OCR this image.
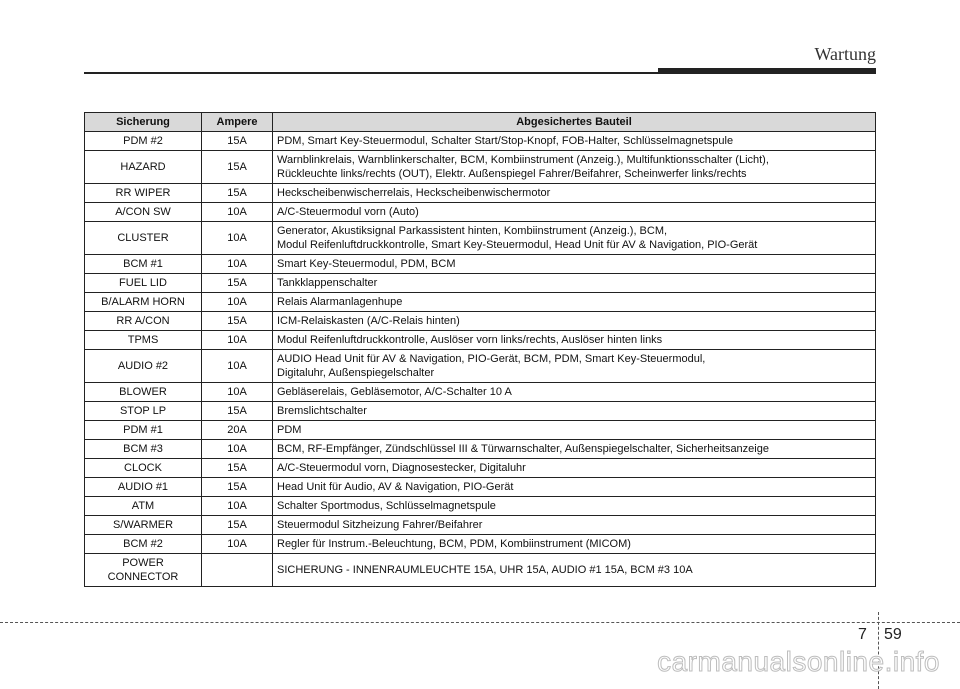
Wartung
Sicherung	Ampere	Abgesichertes Bauteil
PDM #2	15A	PDM, Smart Key-Steuermodul, Schalter Start/Stop-Knopf, FOB-Halter, Schlüsselmagnetspule

HAZARD	15A	Warnblinkrelais, Warnblinkerschalter, BCM, Kombiinstrument (Anzeig.), Multifunktionsschalter (Licht),
Rückleuchte links/rechts (OUT), Elektr. Außenspiegel Fahrer/Beifahrer, Scheinwerfer links/rechts

RR WIPER	15A	Heckscheibenwischerrelais, Heckscheibenwischermotor

A/CON SW	10A	A/C-Steuermodul vorn (Auto)

CLUSTER	10A	Generator, Akustiksignal Parkassistent hinten, Kombiinstrument (Anzeig.), BCM,
Modul Reifenluftdruckkontrolle, Smart Key-Steuermodul, Head Unit für AV & Navigation, PIO-Gerät

BCM #1	10A	Smart Key-Steuermodul, PDM, BCM

FUEL LID	15A	Tankklappenschalter

B/ALARM HORN	10A	Relais Alarmanlagenhupe

RR A/CON	15A	ICM-Relaiskasten (A/C-Relais hinten)

TPMS	10A	Modul Reifenluftdruckkontrolle, Auslöser vorn links/rechts, Auslöser hinten links

AUDIO #2	10A	AUDIO Head Unit für AV & Navigation, PIO-Gerät, BCM, PDM, Smart Key-Steuermodul,
Digitaluhr, Außenspiegelschalter

BLOWER	10A	Gebläserelais, Gebläsemotor, A/C-Schalter 10 A

STOP LP	15A	Bremslichtschalter

PDM #1	20A	PDM

BCM #3	10A	BCM, RF-Empfänger, Zündschlüssel III & Türwarnschalter, Außenspiegelschalter, Sicherheitsanzeige

CLOCK	15A	A/C-Steuermodul vorn, Diagnosestecker, Digitaluhr

AUDIO #1	15A	Head Unit für Audio, AV & Navigation, PIO-Gerät

ATM	10A	Schalter Sportmodus, Schlüsselmagnetspule

S/WARMER	15A	Steuermodul Sitzheizung Fahrer/Beifahrer

BCM #2	10A	Regler für Instrum.-Beleuchtung, BCM, PDM, Kombiinstrument (MICOM)

POWER CONNECTOR		SICHERUNG - INNENRAUMLEUCHTE 15A, UHR 15A, AUDIO #1 15A, BCM #3 10A
7 59
carmanualsonline.info
